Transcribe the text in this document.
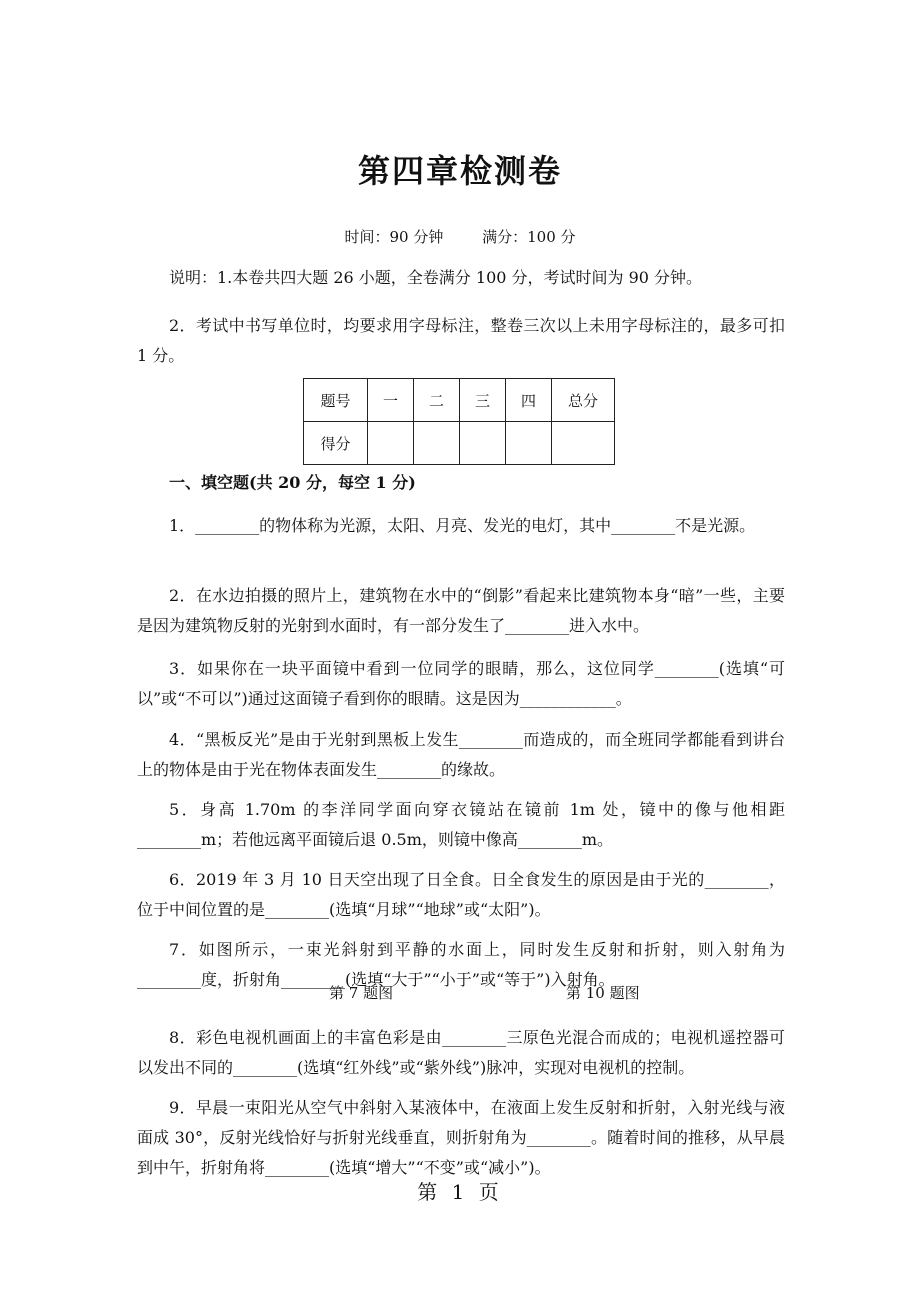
第四章检测卷
时间：90 分钟	满分：100 分
说明：1.本卷共四大题 26 小题，全卷满分 100 分，考试时间为 90 分钟。
2．考试中书写单位时，均要求用字母标注，整卷三次以上未用字母标注的，最多可扣 1 分。
题号	一	二	三	四	总分
得分					
一、填空题(共 20 分，每空 1 分)
1．________的物体称为光源，太阳、月亮、发光的电灯，其中________不是光源。
2．在水边拍摄的照片上，建筑物在水中的“倒影”看起来比建筑物本身“暗”一些，主要是因为建筑物反射的光射到水面时，有一部分发生了________进入水中。
3．如果你在一块平面镜中看到一位同学的眼睛，那么，这位同学________(选填“可以”或“不可以”)通过这面镜子看到你的眼睛。这是因为____________。
4．“黑板反光”是由于光射到黑板上发生________而造成的，而全班同学都能看到讲台上的物体是由于光在物体表面发生________的缘故。
5．身高 1.70m 的李洋同学面向穿衣镜站在镜前 1m 处，镜中的像与他相距________m；若他远离平面镜后退 0.5m，则镜中像高________m。
6．2019 年 3 月 10 日天空出现了日全食。日全食发生的原因是由于光的________，位于中间位置的是________(选填“月球”“地球”或“太阳”)。
7．如图所示，一束光斜射到平静的水面上，同时发生反射和折射，则入射角为________度，折射角________(选填“大于”“小于”或“等于”)入射角。
第 7 题图	第 10 题图
8．彩色电视机画面上的丰富色彩是由________三原色光混合而成的；电视机遥控器可以发出不同的________(选填“红外线”或“紫外线”)脉冲，实现对电视机的控制。
9．早晨一束阳光从空气中斜射入某液体中，在液面上发生反射和折射，入射光线与液面成 30°，反射光线恰好与折射光线垂直，则折射角为________。随着时间的推移，从早晨到中午，折射角将________(选填“增大”“不变”或“减小”)。
第 1 页
